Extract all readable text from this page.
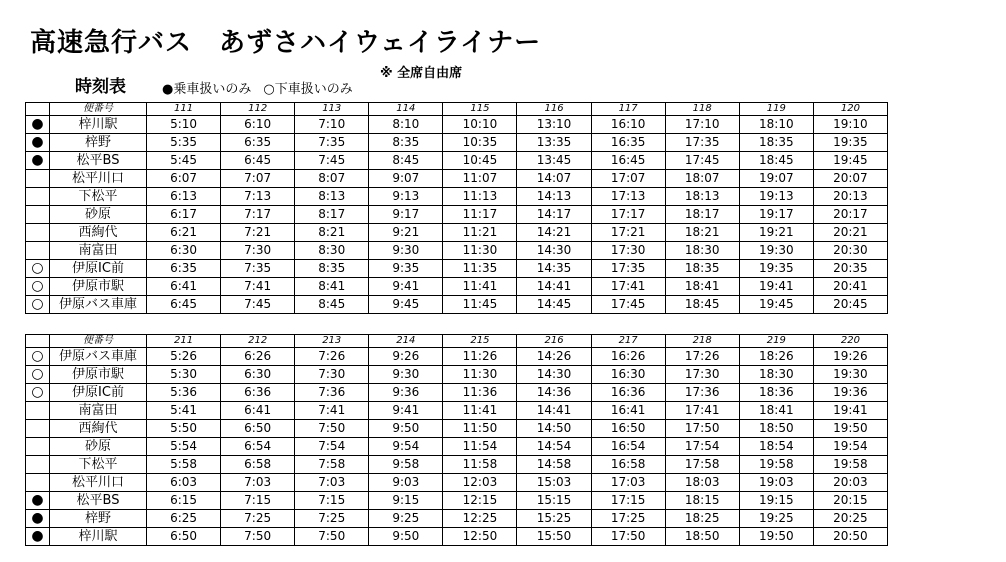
高速急行バス　あずさハイウェイライナー
※ 全席自由席
時刻表	●乗車扱いのみ ○下車扱いのみ
	便番号	111	112	113	114	115	116	117	118	119	120
●	梓川駅	5:10	6:10	7:10	8:10	10:10	13:10	16:10	17:10	18:10	19:10
●	梓野	5:35	6:35	7:35	8:35	10:35	13:35	16:35	17:35	18:35	19:35
●	松平BS	5:45	6:45	7:45	8:45	10:45	13:45	16:45	17:45	18:45	19:45
	松平川口	6:07	7:07	8:07	9:07	11:07	14:07	17:07	18:07	19:07	20:07
	下松平	6:13	7:13	8:13	9:13	11:13	14:13	17:13	18:13	19:13	20:13
	砂原	6:17	7:17	8:17	9:17	11:17	14:17	17:17	18:17	19:17	20:17
	西絢代	6:21	7:21	8:21	9:21	11:21	14:21	17:21	18:21	19:21	20:21
	南富田	6:30	7:30	8:30	9:30	11:30	14:30	17:30	18:30	19:30	20:30
○	伊原IC前	6:35	7:35	8:35	9:35	11:35	14:35	17:35	18:35	19:35	20:35
○	伊原市駅	6:41	7:41	8:41	9:41	11:41	14:41	17:41	18:41	19:41	20:41
○	伊原バス車庫	6:45	7:45	8:45	9:45	11:45	14:45	17:45	18:45	19:45	20:45
	便番号	211	212	213	214	215	216	217	218	219	220
○	伊原バス車庫	5:26	6:26	7:26	9:26	11:26	14:26	16:26	17:26	18:26	19:26
○	伊原市駅	5:30	6:30	7:30	9:30	11:30	14:30	16:30	17:30	18:30	19:30
○	伊原IC前	5:36	6:36	7:36	9:36	11:36	14:36	16:36	17:36	18:36	19:36
	南富田	5:41	6:41	7:41	9:41	11:41	14:41	16:41	17:41	18:41	19:41
	西絢代	5:50	6:50	7:50	9:50	11:50	14:50	16:50	17:50	18:50	19:50
	砂原	5:54	6:54	7:54	9:54	11:54	14:54	16:54	17:54	18:54	19:54
	下松平	5:58	6:58	7:58	9:58	11:58	14:58	16:58	17:58	19:58	19:58
	松平川口	6:03	7:03	7:03	9:03	12:03	15:03	17:03	18:03	19:03	20:03
●	松平BS	6:15	7:15	7:15	9:15	12:15	15:15	17:15	18:15	19:15	20:15
●	梓野	6:25	7:25	7:25	9:25	12:25	15:25	17:25	18:25	19:25	20:25
●	梓川駅	6:50	7:50	7:50	9:50	12:50	15:50	17:50	18:50	19:50	20:50
